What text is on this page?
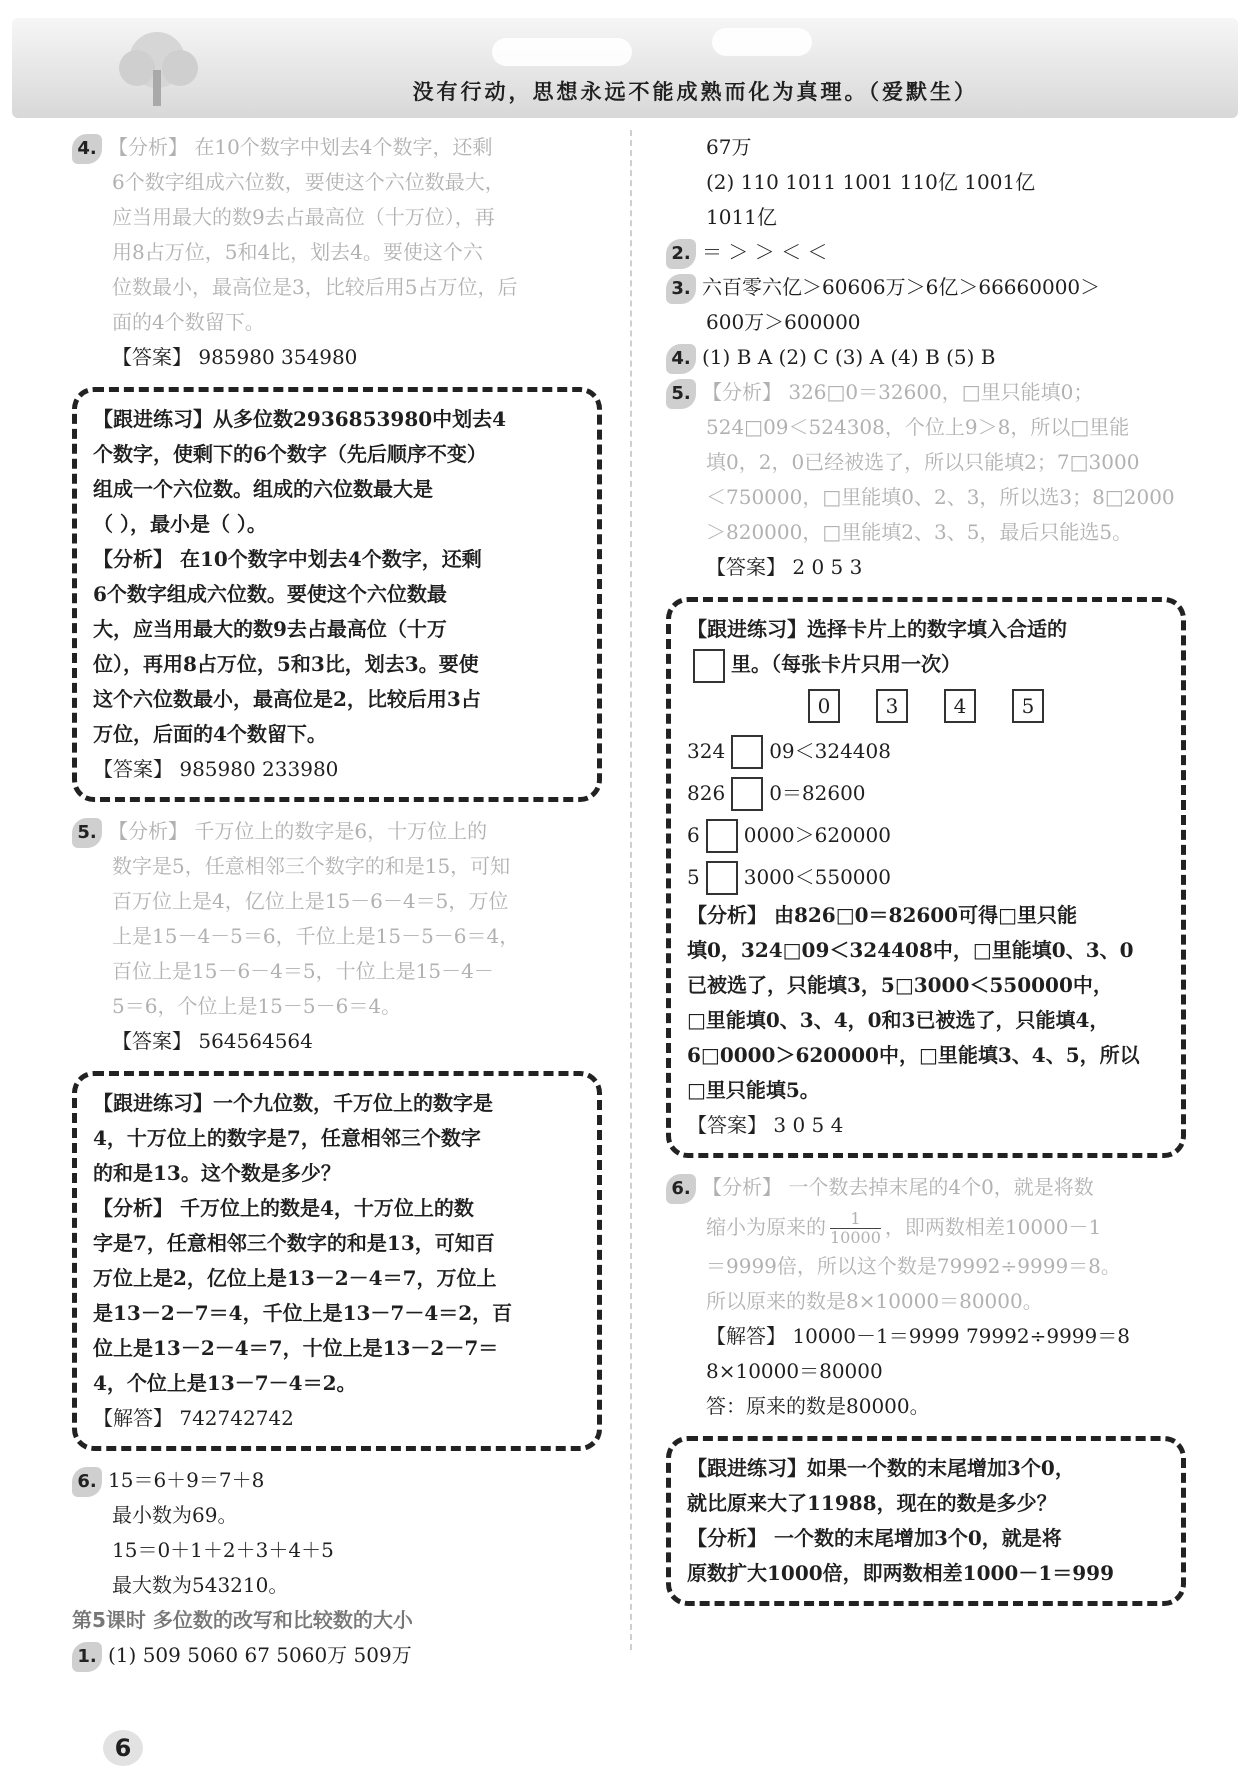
没有行动，思想永远不能成熟而化为真理。（爱默生）
4. 【分析】 在10个数字中划去4个数字，还剩
6个数字组成六位数，要使这个六位数最大，
应当用最大的数9去占最高位（十万位），再
用8占万位，5和4比，划去4。要使这个六
位数最小，最高位是3，比较后用5占万位，后
面的4个数留下。
【答案】 985980 354980
【跟进练习】从多位数2936853980中划去4
个数字，使剩下的6个数字（先后顺序不变）
组成一个六位数。组成的六位数最大是
（ ），最小是（ ）。
【分析】 在10个数字中划去4个数字，还剩
6个数字组成六位数。要使这个六位数最
大，应当用最大的数9去占最高位（十万
位），再用8占万位，5和3比，划去3。要使
这个六位数最小，最高位是2，比较后用3占
万位，后面的4个数留下。
【答案】 985980 233980
5. 【分析】 千万位上的数字是6，十万位上的
数字是5，任意相邻三个数字的和是15，可知
百万位上是4，亿位上是15－6－4＝5，万位
上是15－4－5＝6，千位上是15－5－6＝4，
百位上是15－6－4＝5，十位上是15－4－
5＝6，个位上是15－5－6＝4。
【答案】 564564564
【跟进练习】一个九位数，千万位上的数字是
4，十万位上的数字是7，任意相邻三个数字
的和是13。这个数是多少？
【分析】 千万位上的数是4，十万位上的数
字是7，任意相邻三个数字的和是13，可知百
万位上是2，亿位上是13－2－4＝7，万位上
是13－2－7＝4，千位上是13－7－4＝2，百
位上是13－2－4＝7，十位上是13－2－7＝
4，个位上是13－7－4＝2。
【解答】 742742742
6. 15＝6＋9＝7＋8
最小数为69。
15＝0＋1＋2＋3＋4＋5
最大数为543210。
第5课时 多位数的改写和比较数的大小
1. (1) 509 5060 67 5060万 509万
67万
(2) 110 1011 1001 110亿 1001亿
1011亿
2. ＝ ＞ ＞ ＜ ＜
3. 六百零六亿＞60606万＞6亿＞66660000＞
600万＞600000
4. (1) B A (2) C (3) A (4) B (5) B
5. 【分析】 326□0＝32600，□里只能填0；
524□09＜524308，个位上9＞8，所以□里能
填0，2，0已经被选了，所以只能填2；7□3000
＜750000，□里能填0、2、3，所以选3；8□2000
＞820000，□里能填2、3、5，最后只能选5。
【答案】 2 0 5 3
【跟进练习】选择卡片上的数字填入合适的
里。（每张卡片只用一次）
0	3	4	5
324 09＜324408
826 0＝82600
6 0000＞620000
5 3000＜550000
【分析】 由826□0＝82600可得□里只能
填0，324□09＜324408中，□里能填0、3、0
已被选了，只能填3，5□3000＜550000中，
□里能填0、3、4，0和3已被选了，只能填4，
6□0000＞620000中，□里能填3、4、5，所以
□里只能填5。
【答案】 3 0 5 4
6. 【分析】 一个数去掉末尾的4个0，就是将数
缩小为原来的 $\frac{1}{10000}$ ，即两数相差10000－1
＝9999倍，所以这个数是79992÷9999＝8。
所以原来的数是8×10000＝80000。
【解答】 10000－1＝9999 79992÷9999＝8
8×10000＝80000
答：原来的数是80000。
【跟进练习】如果一个数的末尾增加3个0，
就比原来大了11988，现在的数是多少？
【分析】 一个数的末尾增加3个0，就是将
原数扩大1000倍，即两数相差1000－1＝999
6
